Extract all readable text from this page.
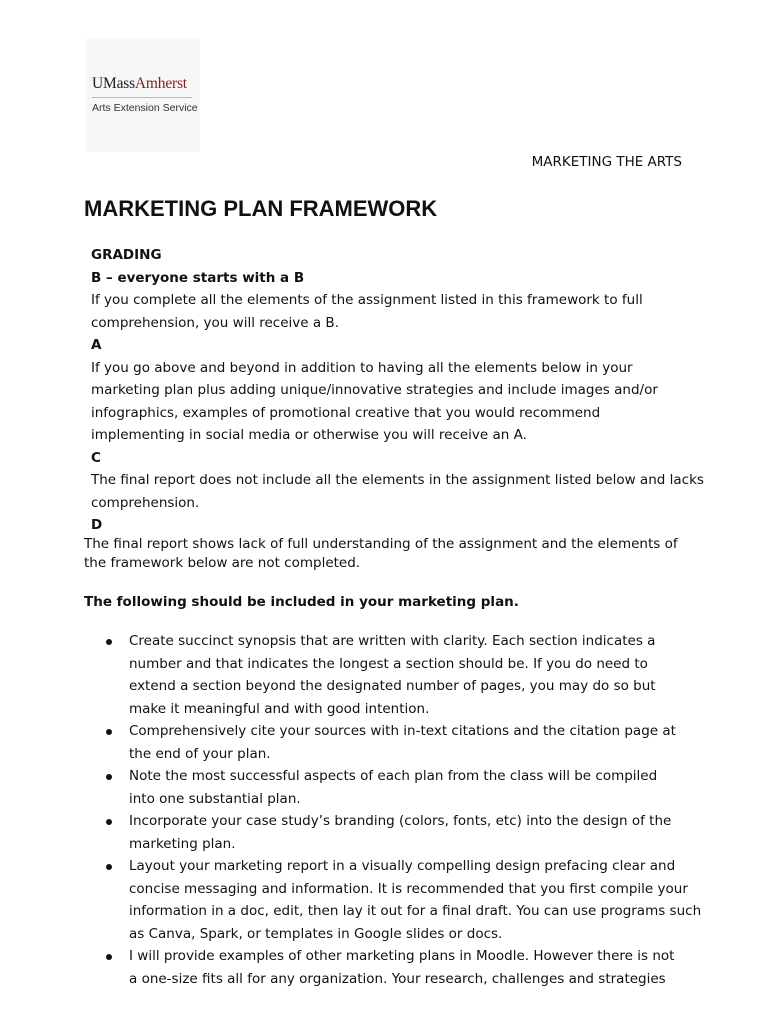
UMassAmherst
Arts Extension Service
MARKETING THE ARTS
MARKETING PLAN FRAMEWORK

GRADING

B – everyone starts with a B

If you complete all the elements of the assignment listed in this framework to full

comprehension, you will receive a B.

A

If you go above and beyond in addition to having all the elements below in your

marketing plan plus adding unique/innovative strategies and include images and/or

infographics, examples of promotional creative that you would recommend

implementing in social media or otherwise you will receive an A.

C

The final report does not include all the elements in the assignment listed below and lacks

comprehension.

D

The final report shows lack of full understanding of the assignment and the elements of the framework below are not completed.

The following should be included in your marketing plan.

Create succinct synopsis that are written with clarity. Each section indicates a

number and that indicates the longest a section should be. If you do need to

extend a section beyond the designated number of pages, you may do so but

make it meaningful and with good intention.

Comprehensively cite your sources with in-text citations and the citation page at

the end of your plan.

Note the most successful aspects of each plan from the class will be compiled

into one substantial plan.

Incorporate your case study’s branding (colors, fonts, etc) into the design of the

marketing plan.

Layout your marketing report in a visually compelling design prefacing clear and

concise messaging and information. It is recommended that you first compile your

information in a doc, edit, then lay it out for a final draft. You can use programs such

as Canva, Spark, or templates in Google slides or docs.

I will provide examples of other marketing plans in Moodle. However there is not

a one-size fits all for any organization. Your research, challenges and strategies
